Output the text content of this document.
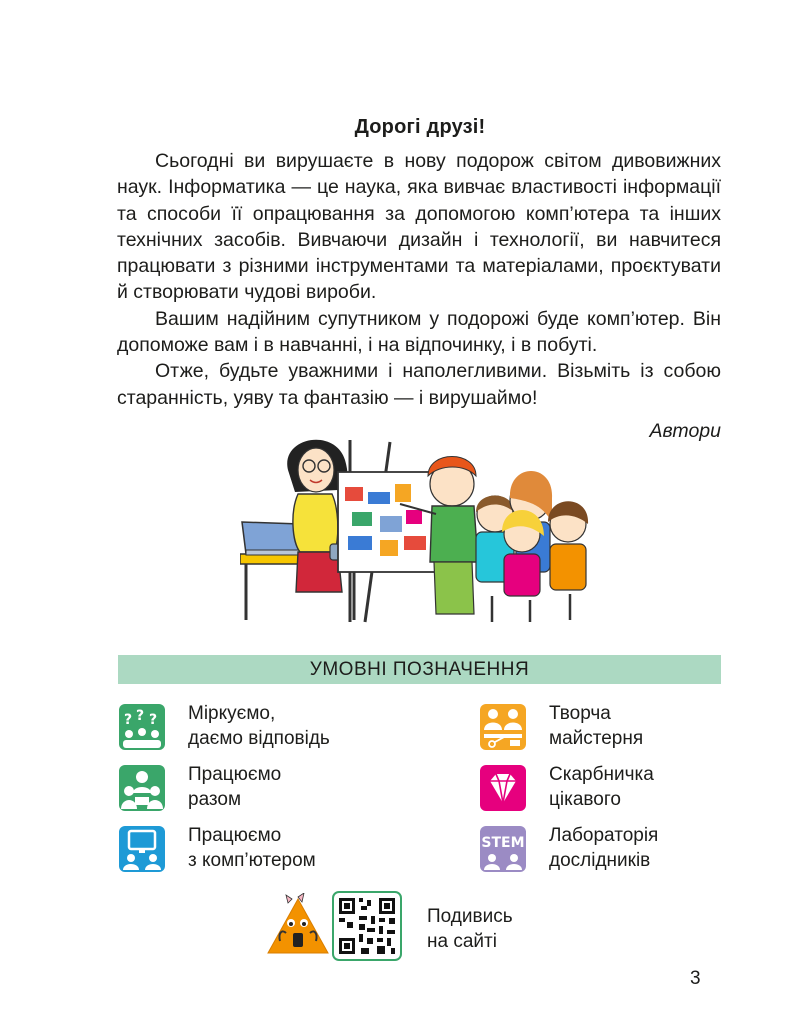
Дорогі друзі!

Сьогодні ви вирушаєте в нову подорож світом дивовижних наук. Інформатика — це наука, яка вивчає властивості інформації та способи її опрацювання за допомогою комп’ютера та інших технічних засобів. Вивчаючи дизайн і технології, ви навчитеся працювати з різними інструментами та матеріалами, проєктувати й створювати чудові вироби.

Вашим надійним супутником у подорожі буде комп’ютер. Він допоможе вам і в навчанні, і на відпочинку, і в побуті.

Отже, будьте уважними і наполегливими. Візьміть із собою старанність, уяву та фантазію — і вирушаймо!

Автори
УМОВНІ ПОЗНАЧЕННЯ
? ? ? Міркуємо,
даємо відповідь
Працюємо
разом
Працюємо
з комп’ютером
Творча
майстерня
Скарбничка
цікавого
STEM Лабораторія
дослідників
Подивись
на сайті
3
